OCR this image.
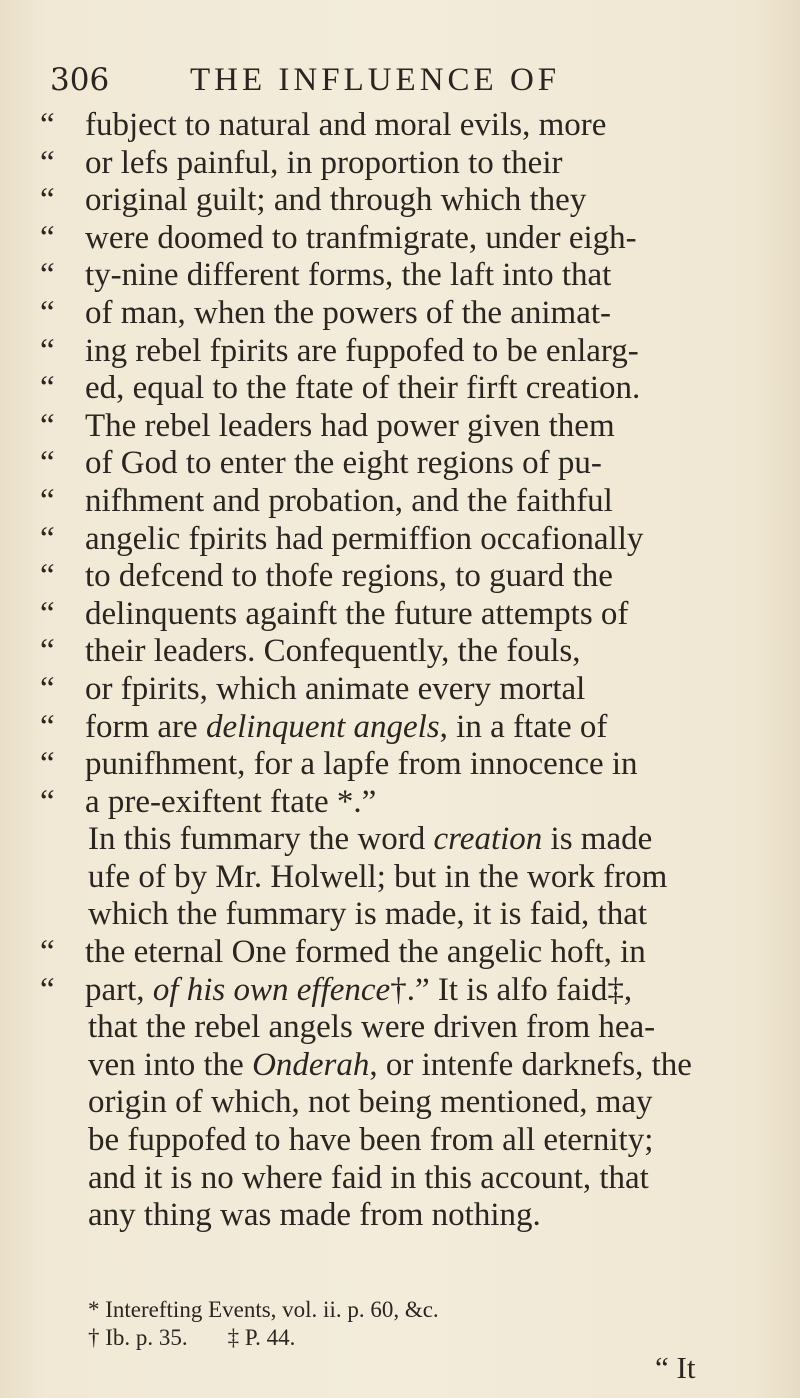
306 THE INFLUENCE OF
“ fubject to natural and moral evils, more
“ or lefs painful, in proportion to their
“ original guilt; and through which they
“ were doomed to tranfmigrate, under eigh-
“ ty-nine different forms, the laft into that
“ of man, when the powers of the animat-
“ ing rebel fpirits are fuppofed to be enlarg-
“ ed, equal to the ftate of their firft creation.
“ The rebel leaders had power given them
“ of God to enter the eight regions of pu-
“ nifhment and probation, and the faithful
“ angelic fpirits had permiffion occafionally
“ to defcend to thofe regions, to guard the
“ delinquents againft the future attempts of
“ their leaders. Confequently, the fouls,
“ or fpirits, which animate every mortal
“ form are delinquent angels, in a ftate of
“ punifhment, for a lapfe from innocence in
“ a pre-exiftent ftate *.”
In this fummary the word creation is made
ufe of by Mr. Holwell; but in the work from
which the fummary is made, it is faid, that
“ the eternal One formed the angelic hoft, in
“ part, of his own effence†.” It is alfo faid‡,
that the rebel angels were driven from hea-
ven into the Onderah, or intenfe darknefs, the
origin of which, not being mentioned, may
be fuppofed to have been from all eternity;
and it is no where faid in this account, that
any thing was made from nothing.
* Interefting Events, vol. ii. p. 60, &c.
† Ib. p. 35. ‡ P. 44.
“ It
